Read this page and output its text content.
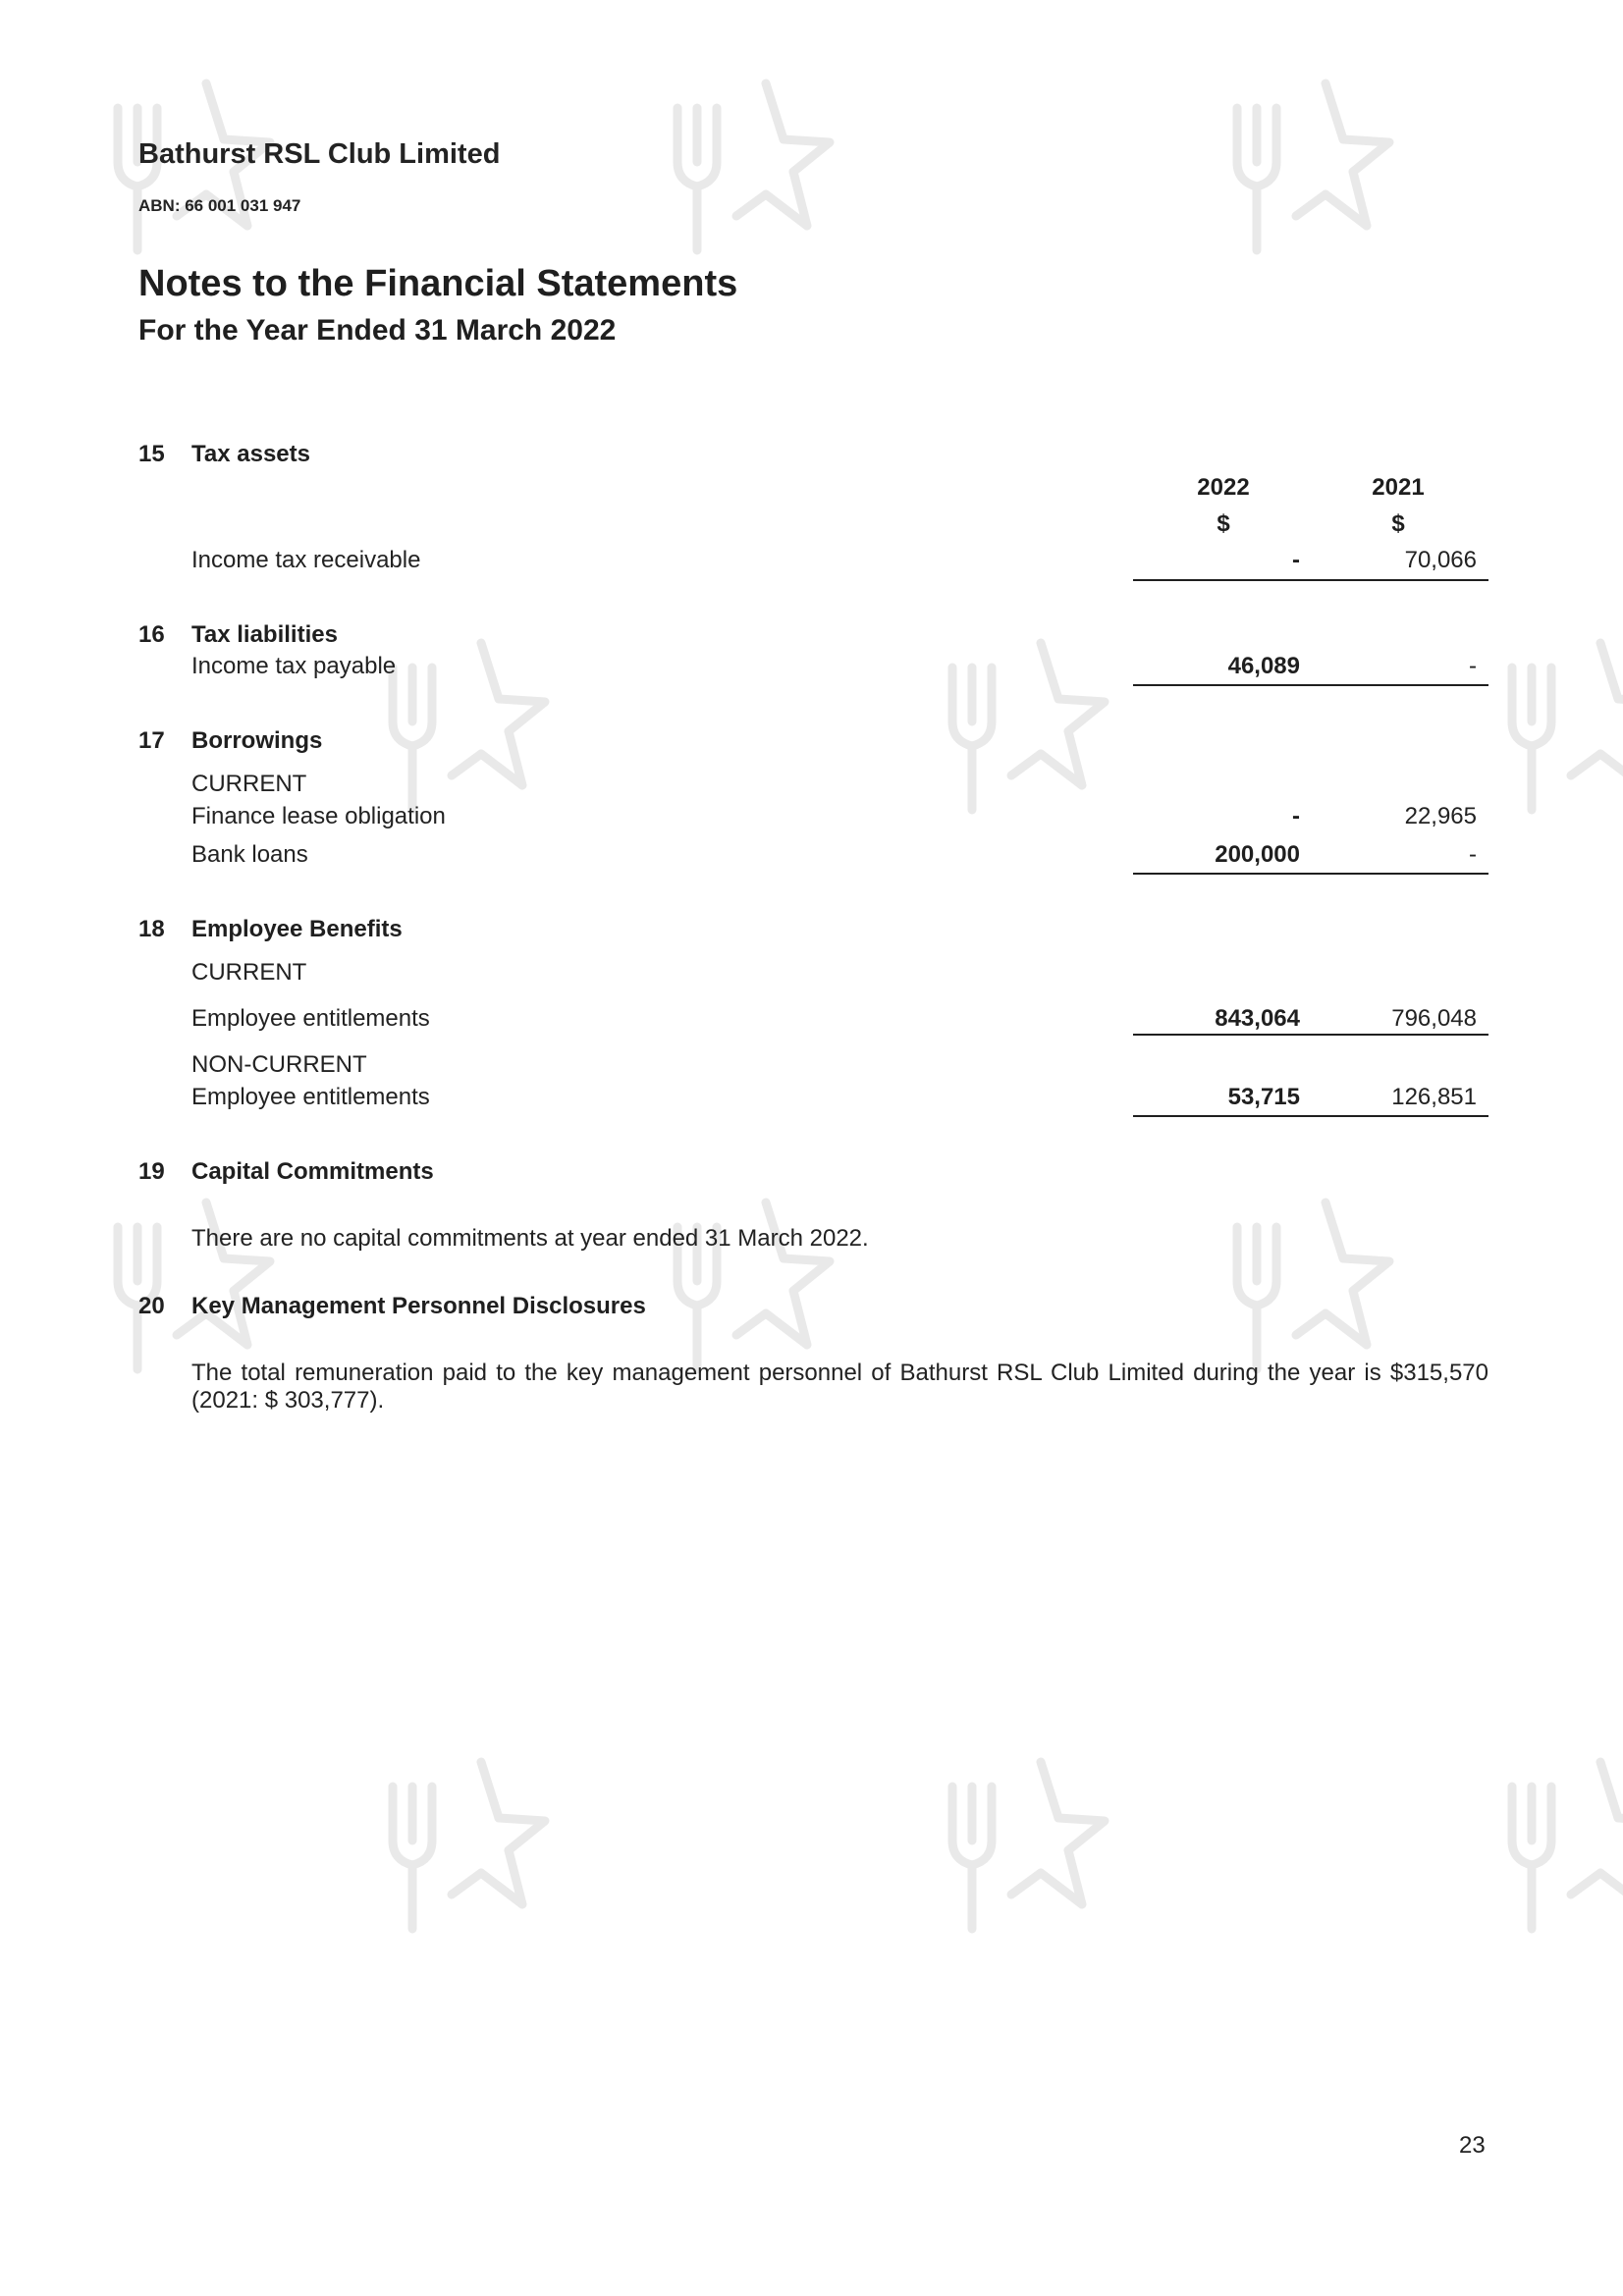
Bathurst RSL Club Limited
ABN: 66 001 031 947
Notes to the Financial Statements
For the Year Ended 31 March 2022
15 Tax assets
2022	2021
$	$
Income tax receivable	-	70,066
16 Tax liabilities
Income tax payable	46,089	-
17 Borrowings
CURRENT
Finance lease obligation	-	22,965
Bank loans	200,000	-
18 Employee Benefits
CURRENT
Employee entitlements	843,064	796,048
NON-CURRENT
Employee entitlements	53,715	126,851
19 Capital Commitments
There are no capital commitments at year ended 31 March 2022.
20 Key Management Personnel Disclosures
The total remuneration paid to the key management personnel of Bathurst RSL Club Limited during the year is $315,570 (2021: $ 303,777).
23
